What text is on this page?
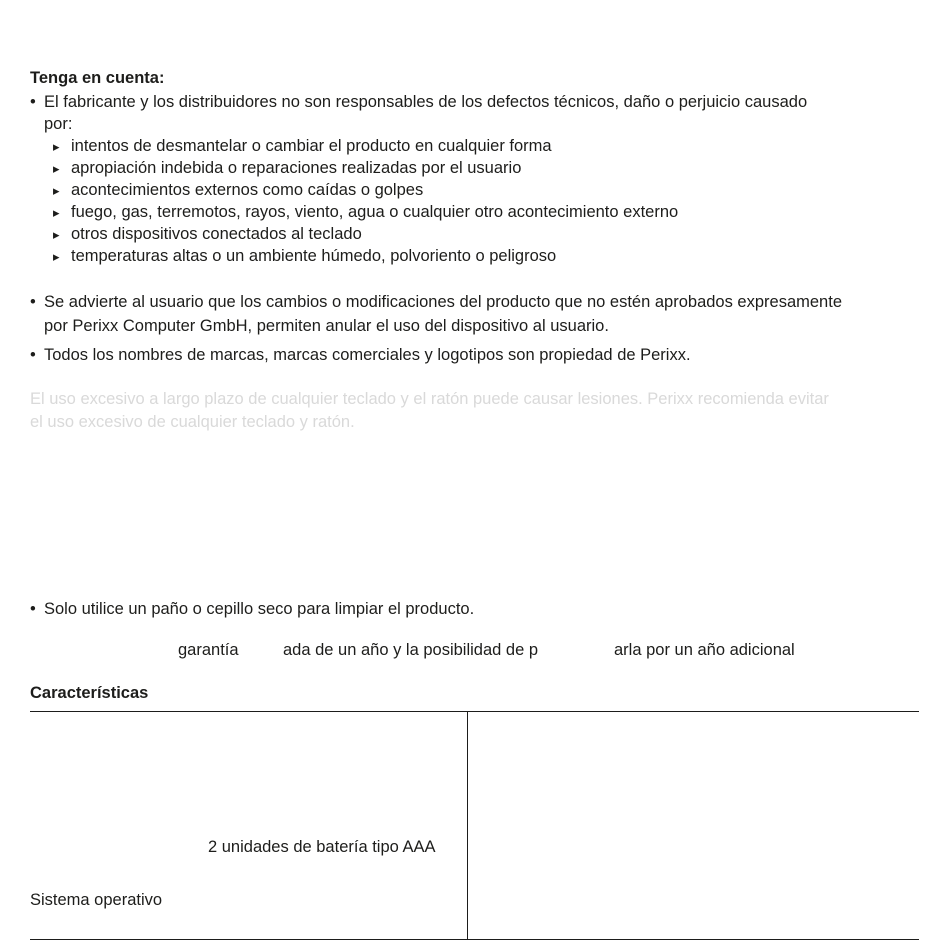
Tenga en cuenta:
• El fabricante y los distribuidores no son responsables de los defectos técnicos, daño o perjuicio causado
por:
▸ intentos de desmantelar o cambiar el producto en cualquier forma
▸ apropiación indebida o reparaciones realizadas por el usuario
▸ acontecimientos externos como caídas o golpes
▸ fuego, gas, terremotos, rayos, viento, agua o cualquier otro acontecimiento externo
▸ otros dispositivos conectados al teclado
▸ temperaturas altas o un ambiente húmedo, polvoriento o peligroso
• Se advierte al usuario que los cambios o modificaciones del producto que no estén aprobados expresamente
por Perixx Computer GmbH, permiten anular el uso del dispositivo al usuario.
• Todos los nombres de marcas, marcas comerciales y logotipos son propiedad de Perixx.
El uso excesivo a largo plazo de cualquier teclado y el ratón puede causar lesiones. Perixx recomienda evitar
el uso excesivo de cualquier teclado y ratón.
• Solo utilice un paño o cepillo seco para limpiar el producto.
garantía	ada de un año y la posibilidad de p	arla por un año adicional
Características
2 unidades de batería tipo AAA
Sistema operativo
